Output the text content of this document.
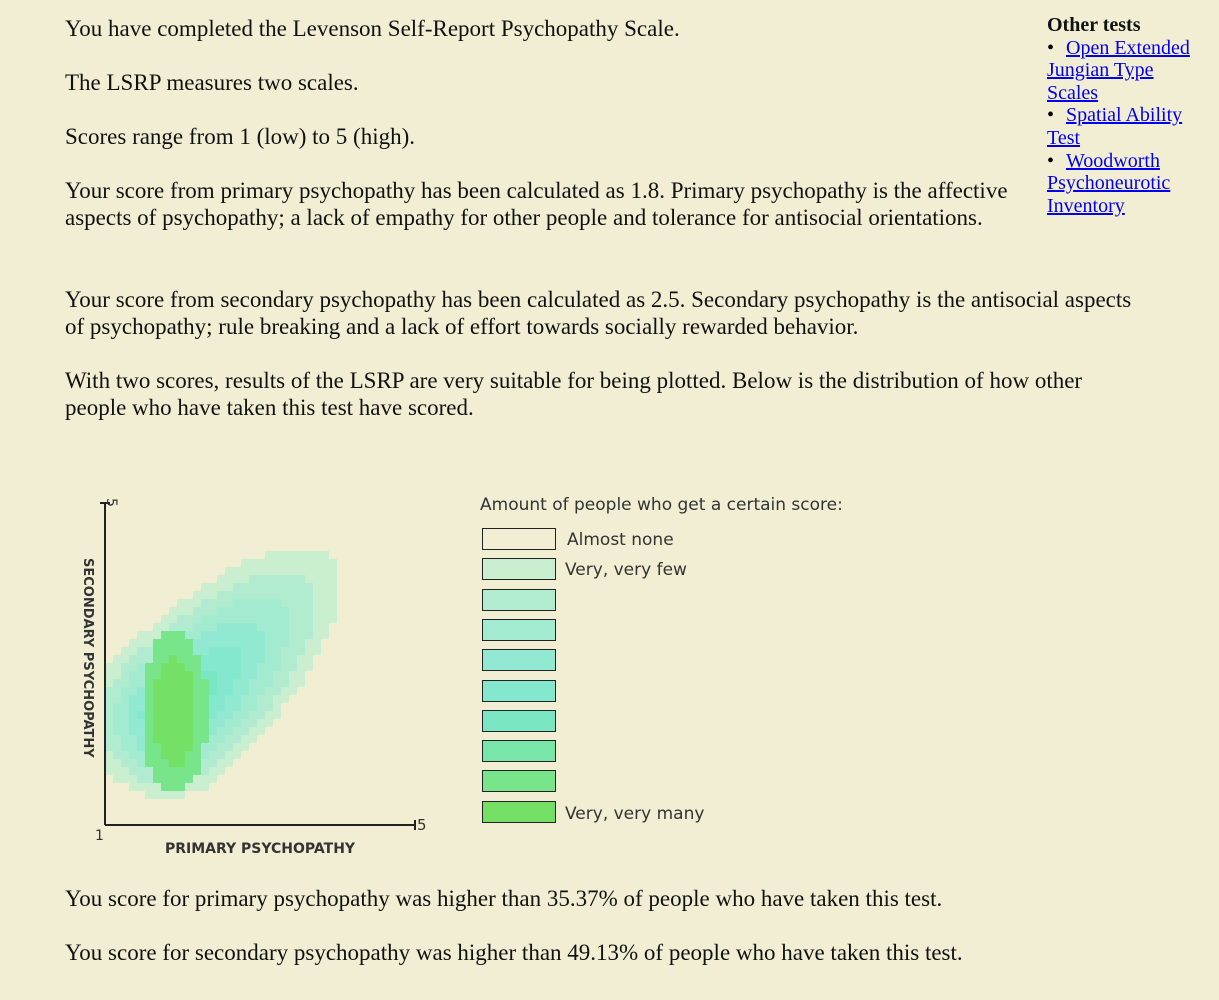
You have completed the Levenson Self-Report Psychopathy Scale.

The LSRP measures two scales.

Scores range from 1 (low) to 5 (high).

Your score from primary psychopathy has been calculated as 1.8. Primary psychopathy is the affective aspects of psychopathy; a lack of empathy for other people and tolerance for antisocial orientations.

Your score from secondary psychopathy has been calculated as 2.5. Secondary psychopathy is the antisocial aspects of psychopathy; rule breaking and a lack of effort towards socially rewarded behavior.

With two scores, results of the LSRP are very suitable for being plotted. Below is the distribution of how other people who have taken this test have scored.

You score for primary psychopathy was higher than 35.37% of people who have taken this test.

You score for secondary psychopathy was higher than 49.13% of people who have taken this test.

Other tests
• Open Extended Jungian Type Scales
• Spatial Ability Test
• Woodworth Psychoneurotic Inventory
1
5
5
PRIMARY PSYCHOPATHY
SECONDARY PSYCHOPATHY
Amount of people who get a certain score:
Almost none
Very, very few
Very, very many
